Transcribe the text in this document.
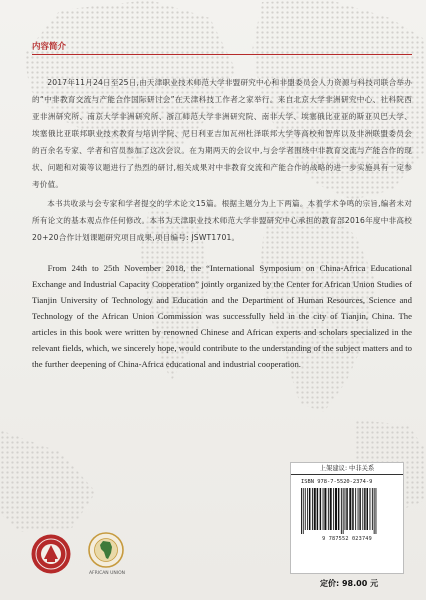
内容简介

2017年11月24日至25日,由天津职业技术师范大学非盟研究中心和非盟委员会人力资源与科技司联合举办的“中非教育交流与产能合作国际研讨会”在天津科技工作者之家举行。来自北京大学非洲研究中心、社科院西亚非洲研究所、南京大学非洲研究所、浙江师范大学非洲研究院、南非大学、埃塞俄比亚亚的斯亚贝巴大学、埃塞俄比亚联邦职业技术教育与培训学院、尼日利亚吉加瓦州杜泽联邦大学等高校和智库以及非洲联盟委员会的百余名专家、学者和官员参加了这次会议。在为期两天的会议中,与会学者围绕中非教育交流与产能合作的现状、问题和对策等议题进行了热烈的研讨,相关成果对中非教育交流和产能合作的战略的进一步实施具有一定参考价值。

本书共收录与会专家和学者提交的学术论文15篇。根据主题分为上下两篇。本着学术争鸣的宗旨,编者未对所有论文的基本观点作任何修改。本书为天津职业技术师范大学非盟研究中心承担的教育部2016年度中非高校20+20合作计划课题研究项目成果,项目编号: JSWT1701。

From 24th to 25th November 2018, the “International Symposium on China-Africa Educational Exchange and Industrial Capacity Cooperation” jointly organized by the Center for African Union Studies of Tianjin University of Technology and Education and the Department of Human Resources, Science and Technology of the African Union Commission was successfully held in the city of Tianjin, China. The articles in this book were written by renowned Chinese and African experts and scholars specialized in the relevant fields, which, we sincerely hope, would contribute to the understanding of the subject matters and to the further deepening of China-Africa educational and industrial cooperation.

上架建议: 中非关系
ISBN 978-7-5520-2374-9
9 787552 023749
定价: 98.00 元
AFRICAN UNION
